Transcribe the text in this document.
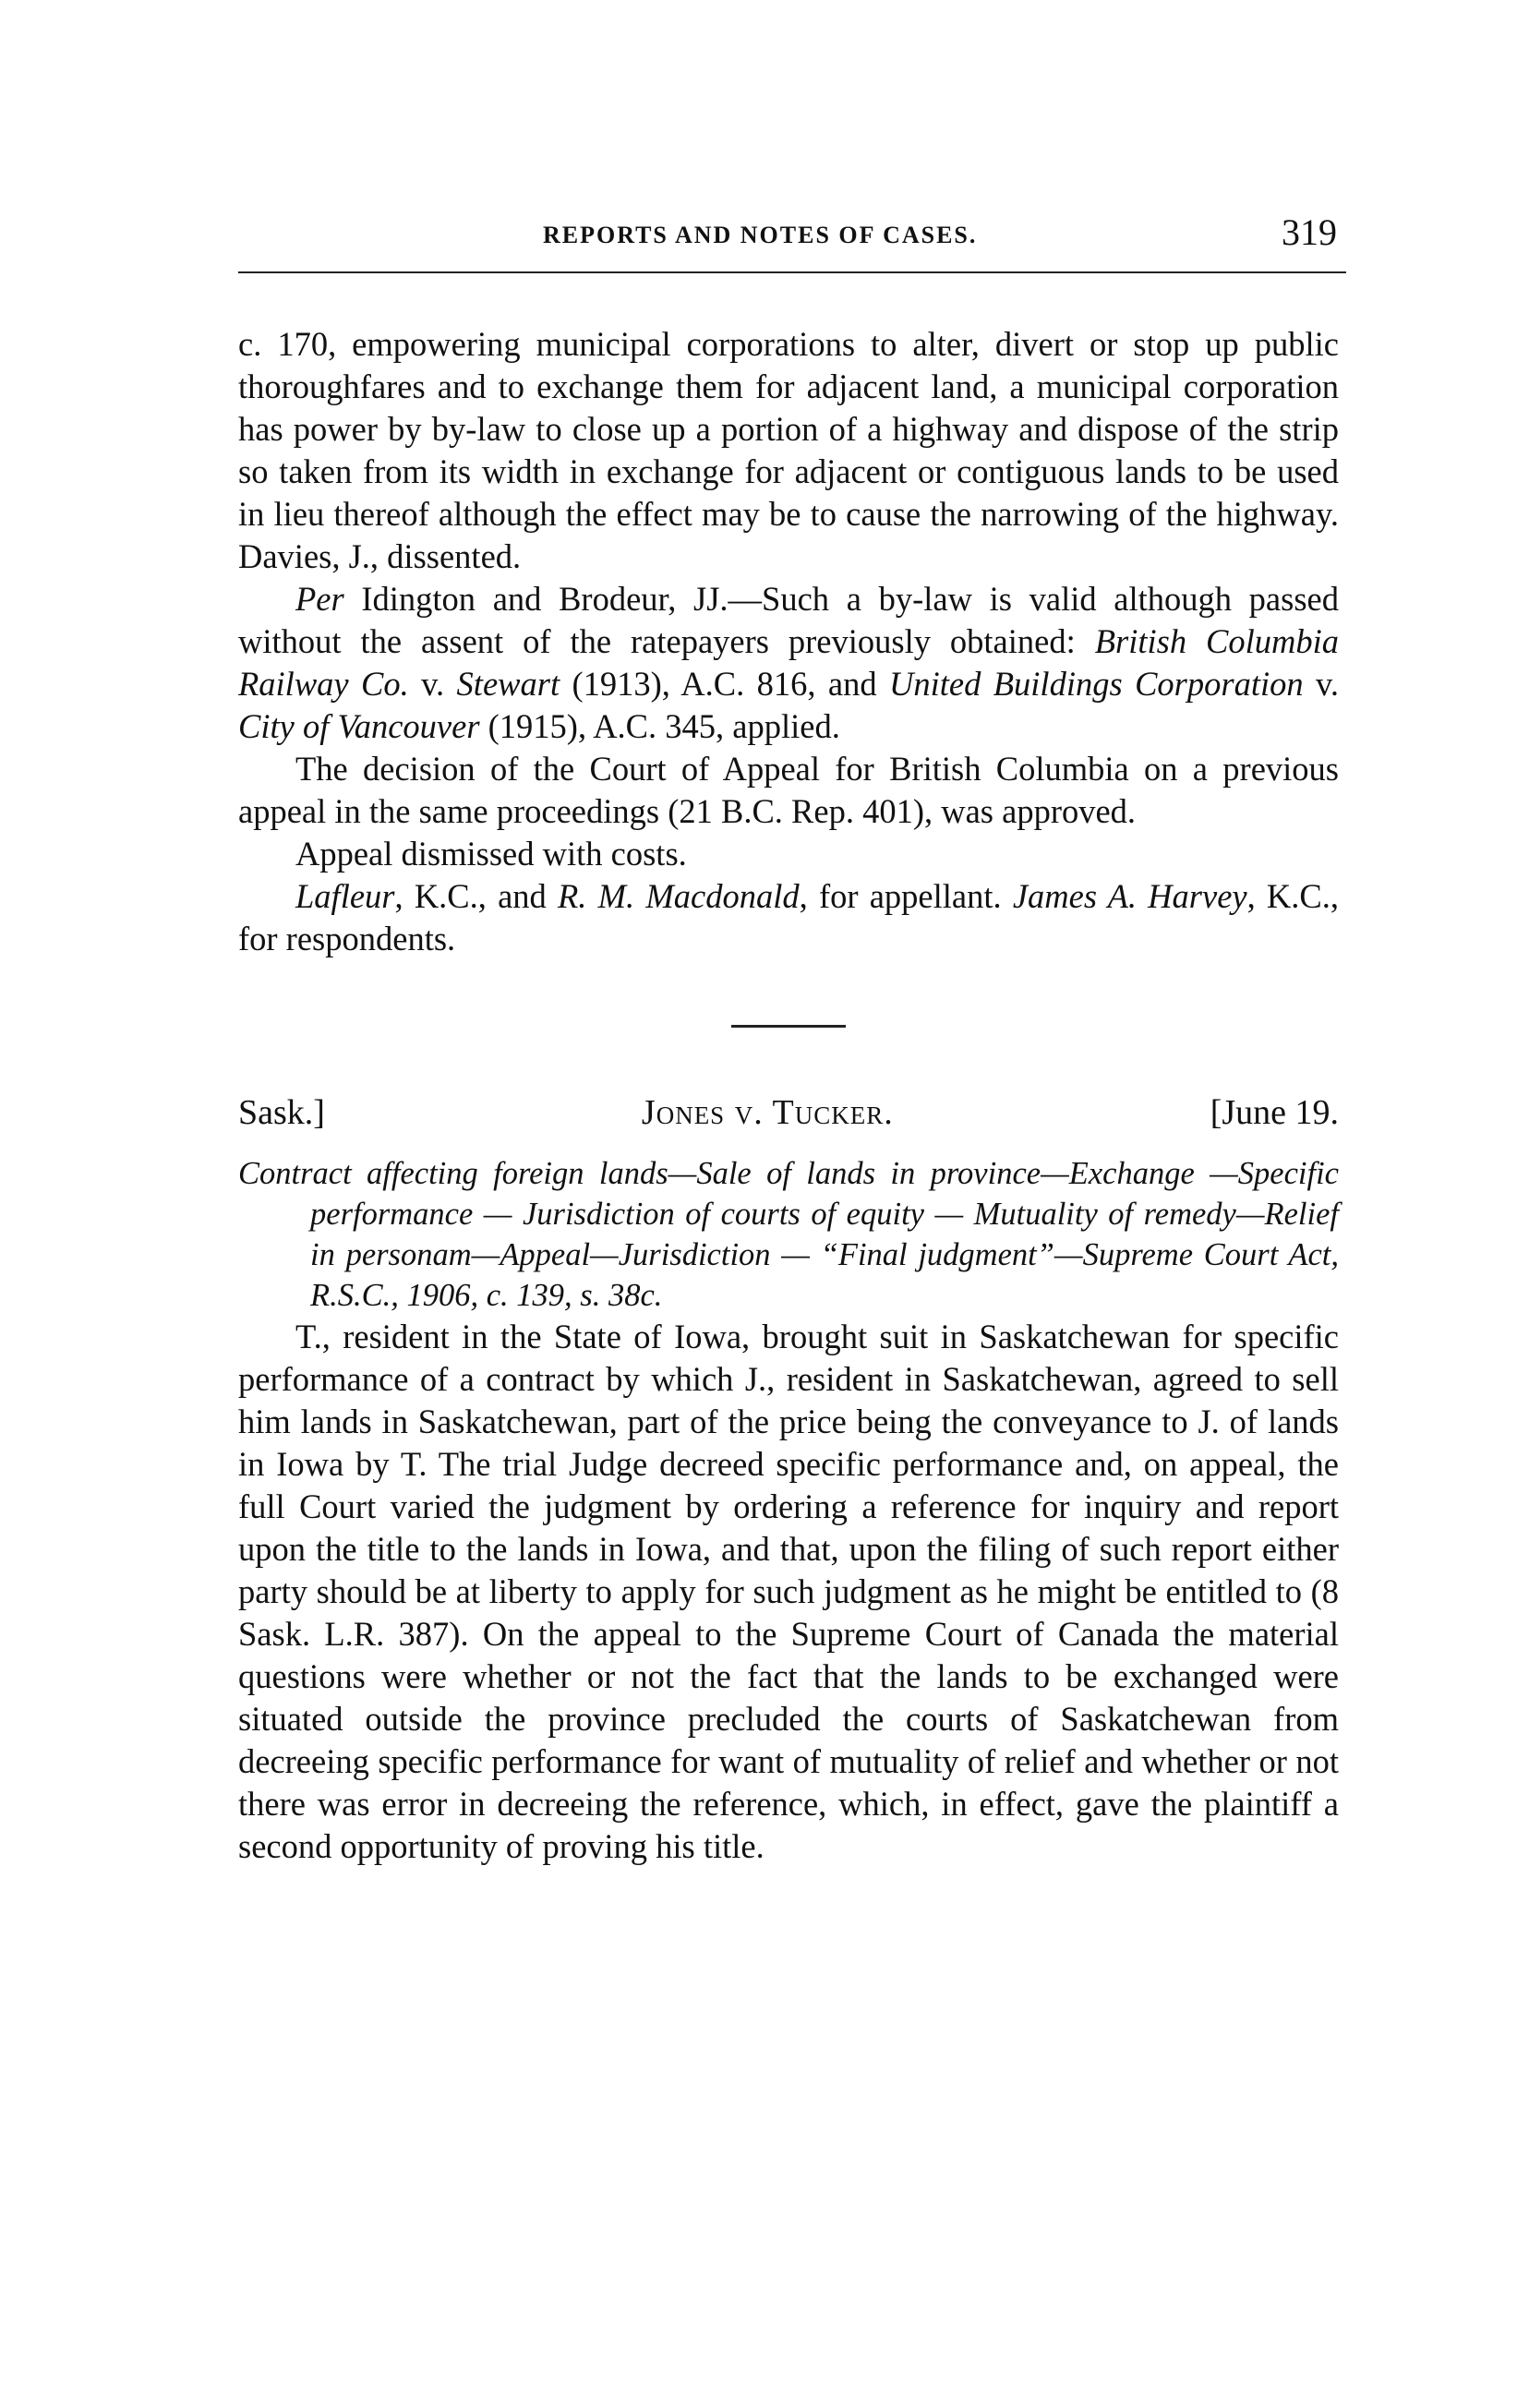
REPORTS AND NOTES OF CASES.	319

c. 170, empowering municipal corporations to alter, divert or stop up public thoroughfares and to exchange them for adjacent land, a municipal corporation has power by by-law to close up a portion of a highway and dispose of the strip so taken from its width in exchange for adjacent or contiguous lands to be used in lieu thereof although the effect may be to cause the narrowing of the highway. Davies, J., dissented.

Per Idington and Brodeur, JJ.—Such a by-law is valid although passed without the assent of the ratepayers previously obtained: British Columbia Railway Co. v. Stewart (1913), A.C. 816, and United Buildings Corporation v. City of Vancouver (1915), A.C. 345, applied.

The decision of the Court of Appeal for British Columbia on a previous appeal in the same proceedings (21 B.C. Rep. 401), was approved.

Appeal dismissed with costs.

Lafleur, K.C., and R. M. Macdonald, for appellant. James A. Harvey, K.C., for respondents.

Sask.]	Jones v. Tucker.	[June 19.

Contract affecting foreign lands—Sale of lands in province—Exchange —Specific performance — Jurisdiction of courts of equity — Mutuality of remedy—Relief in personam—Appeal—Jurisdiction — “Final judgment”—Supreme Court Act, R.S.C., 1906, c. 139, s. 38c.

T., resident in the State of Iowa, brought suit in Saskatchewan for specific performance of a contract by which J., resident in Saskatchewan, agreed to sell him lands in Saskatchewan, part of the price being the conveyance to J. of lands in Iowa by T. The trial Judge decreed specific performance and, on appeal, the full Court varied the judgment by ordering a reference for inquiry and report upon the title to the lands in Iowa, and that, upon the filing of such report either party should be at liberty to apply for such judgment as he might be entitled to (8 Sask. L.R. 387). On the appeal to the Supreme Court of Canada the material questions were whether or not the fact that the lands to be exchanged were situated outside the province precluded the courts of Saskatchewan from decreeing specific performance for want of mutuality of relief and whether or not there was error in decreeing the reference, which, in effect, gave the plaintiff a second opportunity of proving his title.
